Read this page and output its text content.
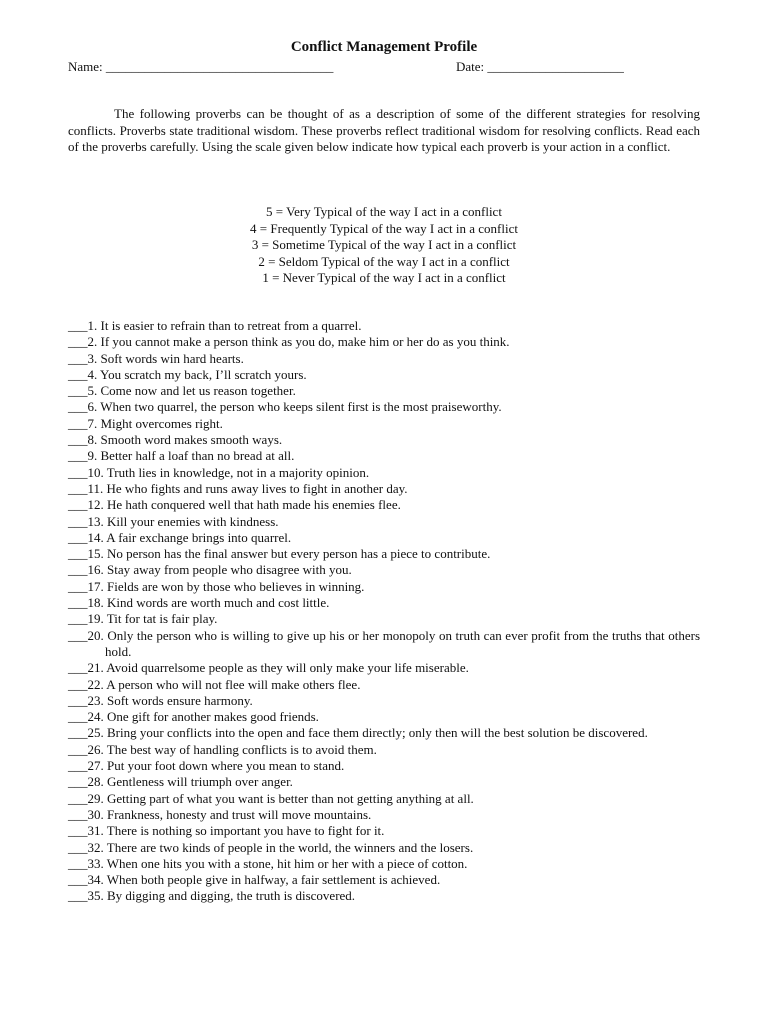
Conflict Management Profile
Name: ___________________________________	Date: _____________________

The following proverbs can be thought of as a description of some of the different strategies for resolving conflicts. Proverbs state traditional wisdom. These proverbs reflect traditional wisdom for resolving conflicts. Read each of the proverbs carefully. Using the scale given below indicate how typical each proverb is your action in a conflict.

5 = Very Typical of the way I act in a conflict
4 = Frequently Typical of the way I act in a conflict
3 = Sometime Typical of the way I act in a conflict
2 = Seldom Typical of the way I act in a conflict
1 = Never Typical of the way I act in a conflict
___1. It is easier to refrain than to retreat from a quarrel.
___2. If you cannot make a person think as you do, make him or her do as you think.
___3. Soft words win hard hearts.
___4. You scratch my back, I’ll scratch yours.
___5. Come now and let us reason together.
___6. When two quarrel, the person who keeps silent first is the most praiseworthy.
___7. Might overcomes right.
___8. Smooth word makes smooth ways.
___9. Better half a loaf than no bread at all.
___10. Truth lies in knowledge, not in a majority opinion.
___11. He who fights and runs away lives to fight in another day.
___12. He hath conquered well that hath made his enemies flee.
___13. Kill your enemies with kindness.
___14. A fair exchange brings into quarrel.
___15. No person has the final answer but every person has a piece to contribute.
___16. Stay away from people who disagree with you.
___17. Fields are won by those who believes in winning.
___18. Kind words are worth much and cost little.
___19. Tit for tat is fair play.
___20. Only the person who is willing to give up his or her monopoly on truth can ever profit from the truths that others hold.
___21. Avoid quarrelsome people as they will only make your life miserable.
___22. A person who will not flee will make others flee.
___23. Soft words ensure harmony.
___24. One gift for another makes good friends.
___25. Bring your conflicts into the open and face them directly; only then will the best solution be discovered.
___26. The best way of handling conflicts is to avoid them.
___27. Put your foot down where you mean to stand.
___28. Gentleness will triumph over anger.
___29. Getting part of what you want is better than not getting anything at all.
___30. Frankness, honesty and trust will move mountains.
___31. There is nothing so important you have to fight for it.
___32. There are two kinds of people in the world, the winners and the losers.
___33. When one hits you with a stone, hit him or her with a piece of cotton.
___34. When both people give in halfway, a fair settlement is achieved.
___35. By digging and digging, the truth is discovered.
